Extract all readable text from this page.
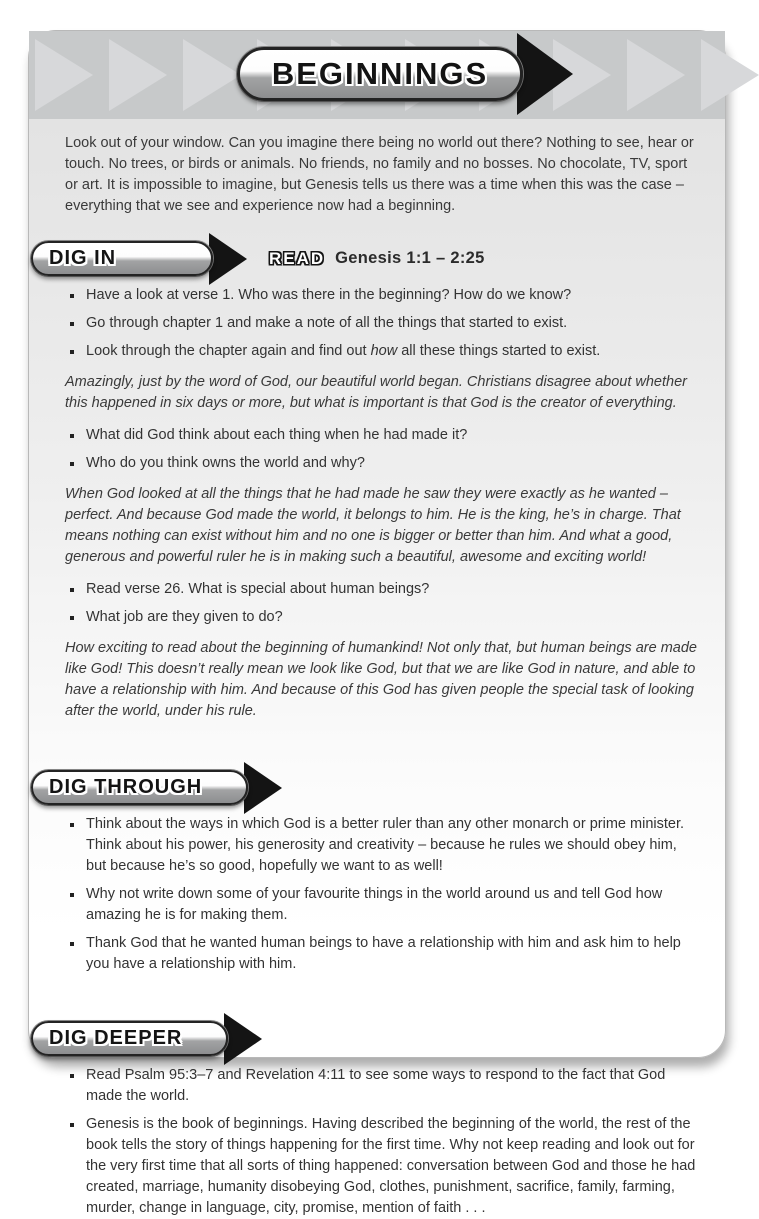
BEGINNINGS

Look out of your window. Can you imagine there being no world out there? Nothing to see, hear or touch. No trees, or birds or animals. No friends, no family and no bosses. No chocolate, TV, sport or art. It is impossible to imagine, but Genesis tells us there was a time when this was the case – everything that we see and experience now had a beginning.

DIG IN	READ Genesis 1:1 – 2:25
Have a look at verse 1. Who was there in the beginning? How do we know?
Go through chapter 1 and make a note of all the things that started to exist.
Look through the chapter again and find out how all these things started to exist.

Amazingly, just by the word of God, our beautiful world began. Christians disagree about whether this happened in six days or more, but what is important is that God is the creator of everything.

What did God think about each thing when he had made it?
Who do you think owns the world and why?

When God looked at all the things that he had made he saw they were exactly as he wanted – perfect. And because God made the world, it belongs to him. He is the king, he’s in charge. That means nothing can exist without him and no one is bigger or better than him. And what a good, generous and powerful ruler he is in making such a beautiful, awesome and exciting world!

Read verse 26. What is special about human beings?
What job are they given to do?

How exciting to read about the beginning of humankind! Not only that, but human beings are made like God! This doesn’t really mean we look like God, but that we are like God in nature, and able to have a relationship with him. And because of this God has given people the special task of looking after the world, under his rule.

DIG THROUGH
Think about the ways in which God is a better ruler than any other monarch or prime minister. Think about his power, his generosity and creativity – because he rules we should obey him, but because he’s so good, hopefully we want to as well!
Why not write down some of your favourite things in the world around us and tell God how amazing he is for making them.
Thank God that he wanted human beings to have a relationship with him and ask him to help you have a relationship with him.
DIG DEEPER
Read Psalm 95:3–7 and Revelation 4:11 to see some ways to respond to the fact that God made the world.
Genesis is the book of beginnings. Having described the beginning of the world, the rest of the book tells the story of things happening for the first time. Why not keep reading and look out for the very first time that all sorts of thing happened: conversation between God and those he had created, marriage, humanity disobeying God, clothes, punishment, sacrifice, family, farming, murder, change in language, city, promise, mention of faith . . .
